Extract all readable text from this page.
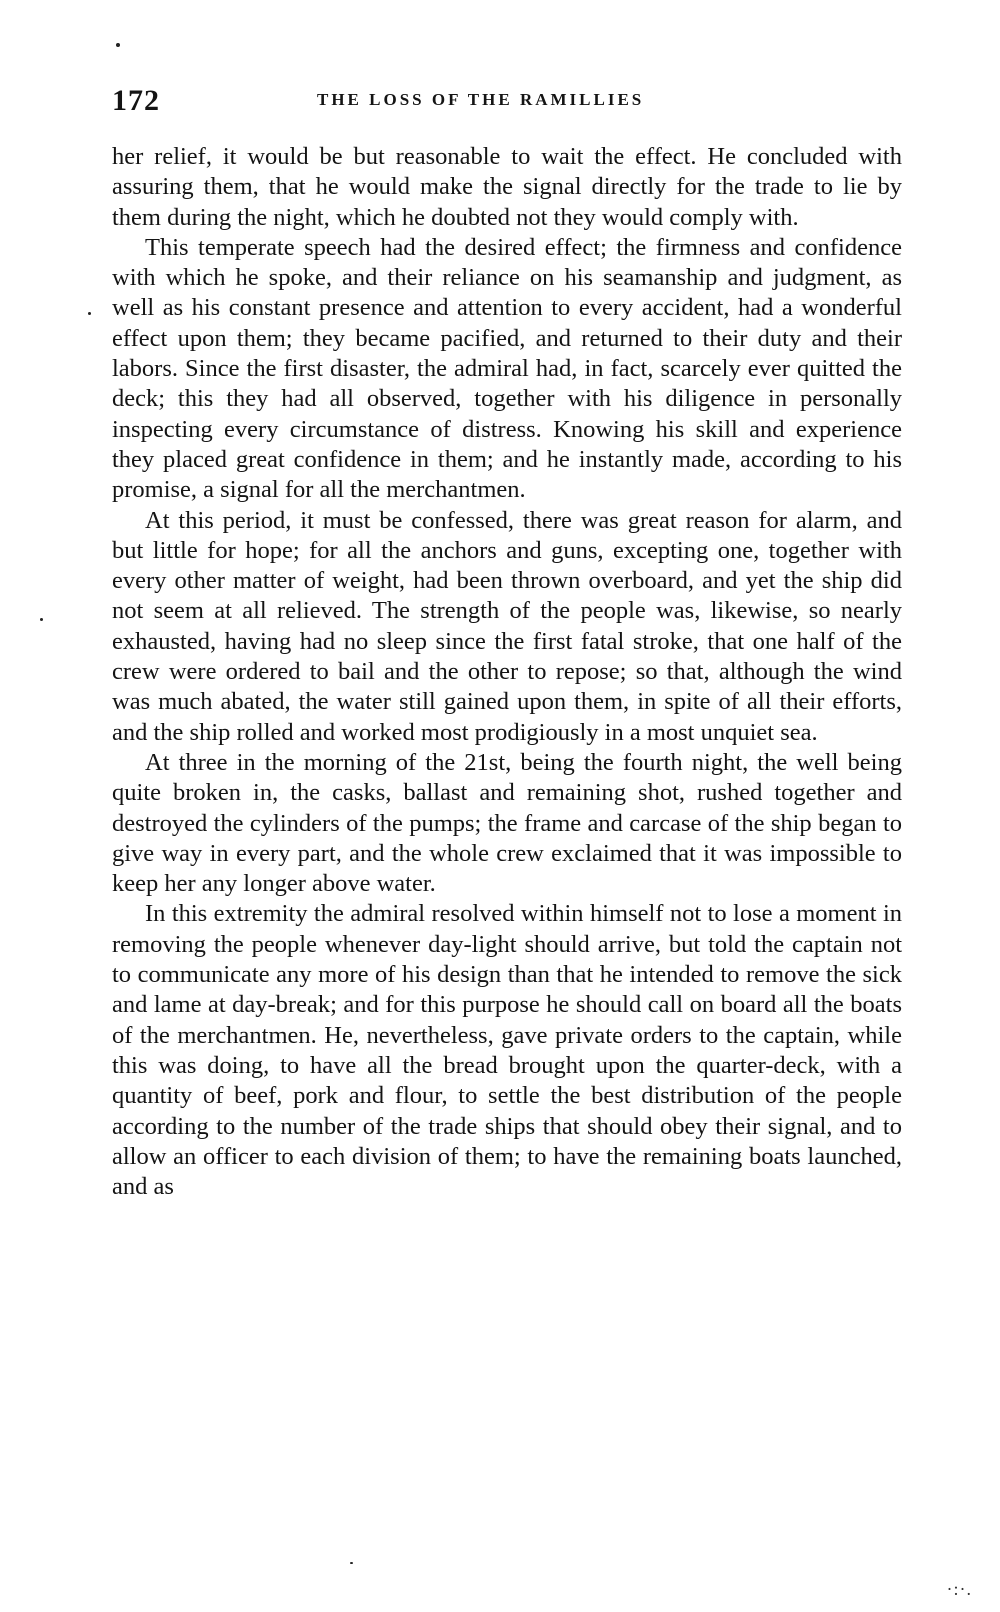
172	THE LOSS OF THE RAMILLIES

her relief, it would be but reasonable to wait the effect. He concluded with assuring them, that he would make the signal directly for the trade to lie by them during the night, which he doubted not they would comply with.

This temperate speech had the desired effect; the firmness and confidence with which he spoke, and their reliance on his seamanship and judgment, as well as his constant presence and attention to every accident, had a wonderful effect upon them; they became pacified, and returned to their duty and their labors. Since the first disaster, the admiral had, in fact, scarcely ever quitted the deck; this they had all observed, together with his diligence in personally inspecting every circumstance of distress. Knowing his skill and experience they placed great confidence in them; and he instantly made, according to his promise, a signal for all the merchantmen.

At this period, it must be confessed, there was great reason for alarm, and but little for hope; for all the anchors and guns, excepting one, together with every other matter of weight, had been thrown overboard, and yet the ship did not seem at all relieved. The strength of the people was, likewise, so nearly exhausted, having had no sleep since the first fatal stroke, that one half of the crew were ordered to bail and the other to repose; so that, although the wind was much abated, the water still gained upon them, in spite of all their efforts, and the ship rolled and worked most prodigiously in a most unquiet sea.

At three in the morning of the 21st, being the fourth night, the well being quite broken in, the casks, ballast and remaining shot, rushed together and destroyed the cylinders of the pumps; the frame and carcase of the ship began to give way in every part, and the whole crew exclaimed that it was impossible to keep her any longer above water.

In this extremity the admiral resolved within himself not to lose a moment in removing the people whenever day-light should arrive, but told the captain not to communicate any more of his design than that he intended to remove the sick and lame at day-break; and for this purpose he should call on board all the boats of the merchantmen. He, nevertheless, gave private orders to the captain, while this was doing, to have all the bread brought upon the quarter-deck, with a quantity of beef, pork and flour, to settle the best distribution of the people according to the number of the trade ships that should obey their signal, and to allow an officer to each division of them; to have the remaining boats launched, and as

·:·.
